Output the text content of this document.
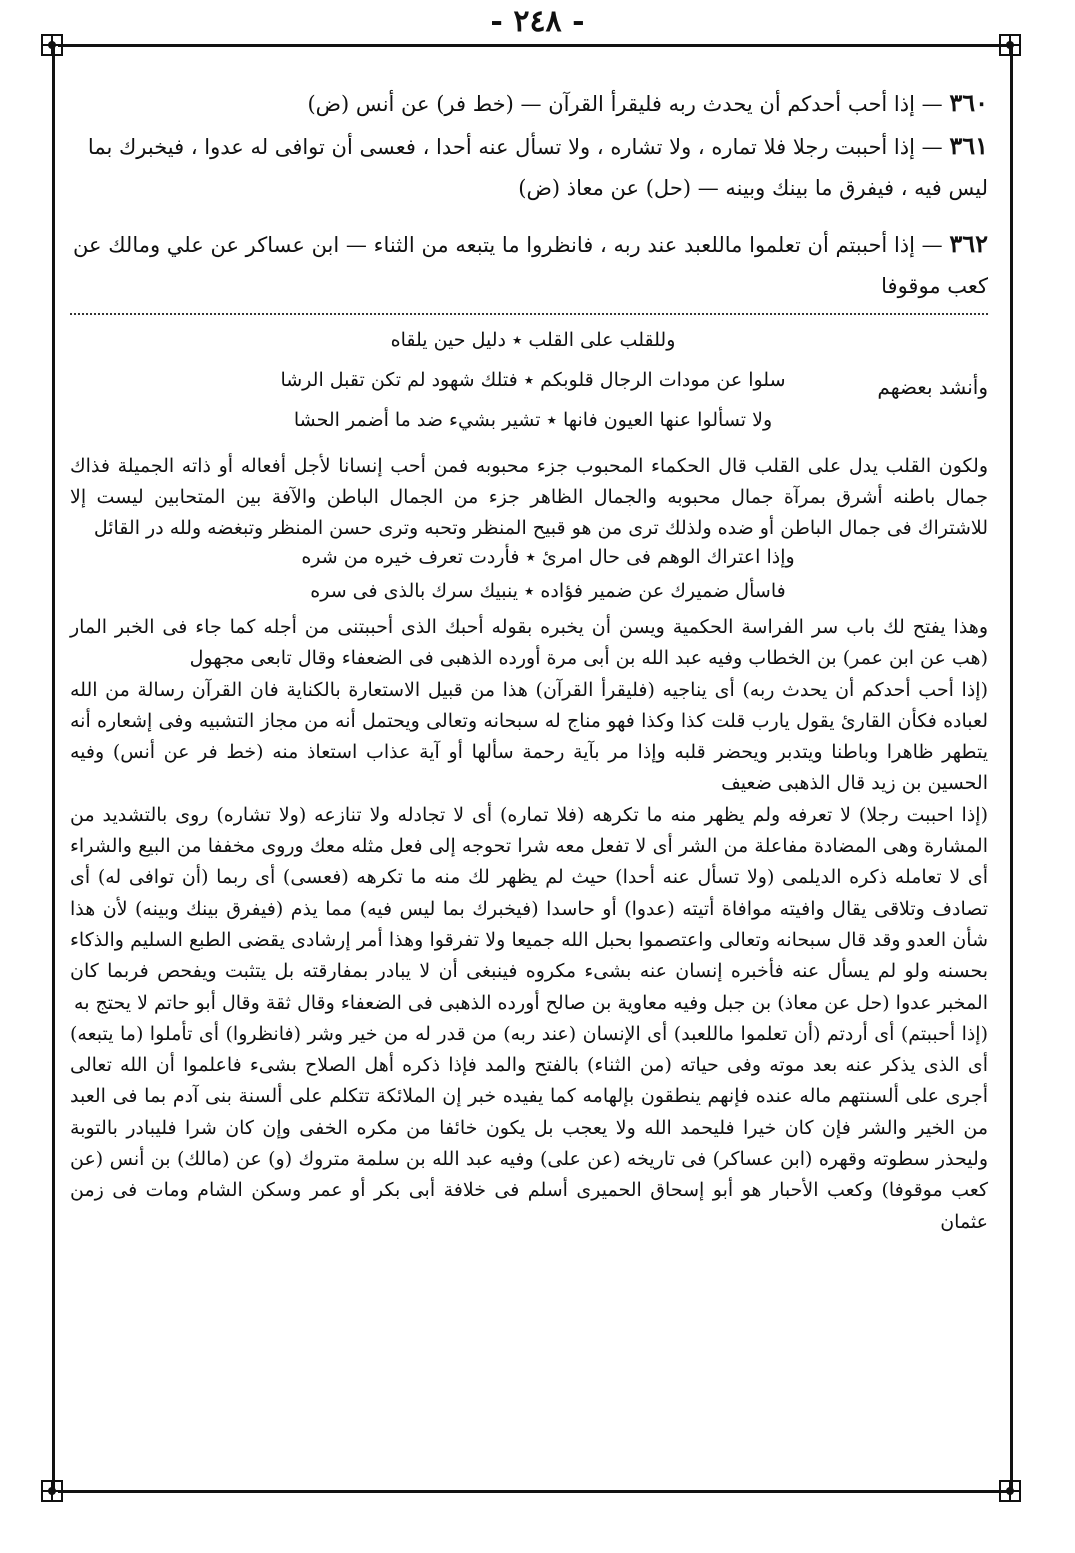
- ٢٤٨ -

٣٦٠ — إذا أحب أحدكم أن يحدث ربه فليقرأ القرآن — (خط فر) عن أنس (ض)

٣٦١ — إذا أحببت رجلا فلا تماره ، ولا تشاره ، ولا تسأل عنه أحدا ، فعسى أن توافى له عدوا ، فيخبرك بما ليس فيه ، فيفرق ما بينك وبينه — (حل) عن معاذ (ض)

٣٦٢ — إذا أحببتم أن تعلموا ماللعبد عند ربه ، فانظروا ما يتبعه من الثناء — ابن عساكر عن علي ومالك عن كعب موقوفا

وأنشد بعضهم
وللقلب على القلب ٭ دليل حين يلقاه
سلوا عن مودات الرجال قلوبكم ٭ فتلك شهود لم تكن تقبل الرشا
ولا تسألوا عنها العيون فانها ٭ تشير بشيء ضد ما أضمر الحشا

ولكون القلب يدل على القلب قال الحكماء المحبوب جزء محبوبه فمن أحب إنسانا لأجل أفعاله أو ذاته الجميلة فذاك جمال باطنه أشرق بمرآة جمال محبوبه والجمال الظاهر جزء من الجمال الباطن والآفة بين المتحابين ليست إلا للاشتراك فى جمال الباطن أو ضده ولذلك ترى من هو قبيح المنظر وتحبه وترى حسن المنظر وتبغضه ولله در القائل

وإذا اعتراك الوهم فى حال امرئ ٭ فأردت تعرف خيره من شره
فاسأل ضميرك عن ضمير فؤاده ٭ ينبيك سرك بالذى فى سره

وهذا يفتح لك باب سر الفراسة الحكمية ويسن أن يخبره بقوله أحبك الذى أحببتنى من أجله كما جاء فى الخبر المار (هب عن ابن عمر) بن الخطاب وفيه عبد الله بن أبى مرة أورده الذهبى فى الضعفاء وقال تابعى مجهول

(إذا أحب أحدكم أن يحدث ربه) أى يناجيه (فليقرأ القرآن) هذا من قبيل الاستعارة بالكناية فان القرآن رسالة من الله لعباده فكأن القارئ يقول يارب قلت كذا وكذا فهو مناج له سبحانه وتعالى ويحتمل أنه من مجاز التشبيه وفى إشعاره أنه يتطهر ظاهرا وباطنا ويتدبر ويحضر قلبه وإذا مر بآية رحمة سألها أو آية عذاب استعاذ منه (خط فر عن أنس) وفيه الحسين بن زيد قال الذهبى ضعيف

(إذا احببت رجلا) لا تعرفه ولم يظهر منه ما تكرهه (فلا تماره) أى لا تجادله ولا تنازعه (ولا تشاره) روى بالتشديد من المشارة وهى المضادة مفاعلة من الشر أى لا تفعل معه شرا تحوجه إلى فعل مثله معك وروى مخففا من البيع والشراء أى لا تعامله ذكره الديلمى (ولا تسأل عنه أحدا) حيث لم يظهر لك منه ما تكرهه (فعسى) أى ربما (أن توافى له) أى تصادف وتلاقى يقال وافيته موافاة أتيته (عدوا) أو حاسدا (فيخبرك بما ليس فيه) مما يذم (فيفرق بينك وبينه) لأن هذا شأن العدو وقد قال سبحانه وتعالى واعتصموا بحبل الله جميعا ولا تفرقوا وهذا أمر إرشادى يقضى الطبع السليم والذكاء بحسنه ولو لم يسأل عنه فأخبره إنسان عنه بشىء مكروه فينبغى أن لا يبادر بمفارقته بل يتثبت ويفحص فربما كان المخبر عدوا (حل عن معاذ) بن جبل وفيه معاوية بن صالح أورده الذهبى فى الضعفاء وقال ثقة وقال أبو حاتم لا يحتج به

(إذا أحببتم) أى أردتم (أن تعلموا ماللعبد) أى الإنسان (عند ربه) من قدر له من خير وشر (فانظروا) أى تأملوا (ما يتبعه) أى الذى يذكر عنه بعد موته وفى حياته (من الثناء) بالفتح والمد فإذا ذكره أهل الصلاح بشىء فاعلموا أن الله تعالى أجرى على ألسنتهم ماله عنده فإنهم ينطقون بإلهامه كما يفيده خبر إن الملائكة تتكلم على ألسنة بنى آدم بما فى العبد من الخير والشر فإن كان خيرا فليحمد الله ولا يعجب بل يكون خائفا من مكره الخفى وإن كان شرا فليبادر بالتوبة وليحذر سطوته وقهره (ابن عساكر) فى تاريخه (عن على) وفيه عبد الله بن سلمة متروك (و) عن (مالك) بن أنس (عن كعب موقوفا) وكعب الأحبار هو أبو إسحاق الحميرى أسلم فى خلافة أبى بكر أو عمر وسكن الشام ومات فى زمن عثمان
